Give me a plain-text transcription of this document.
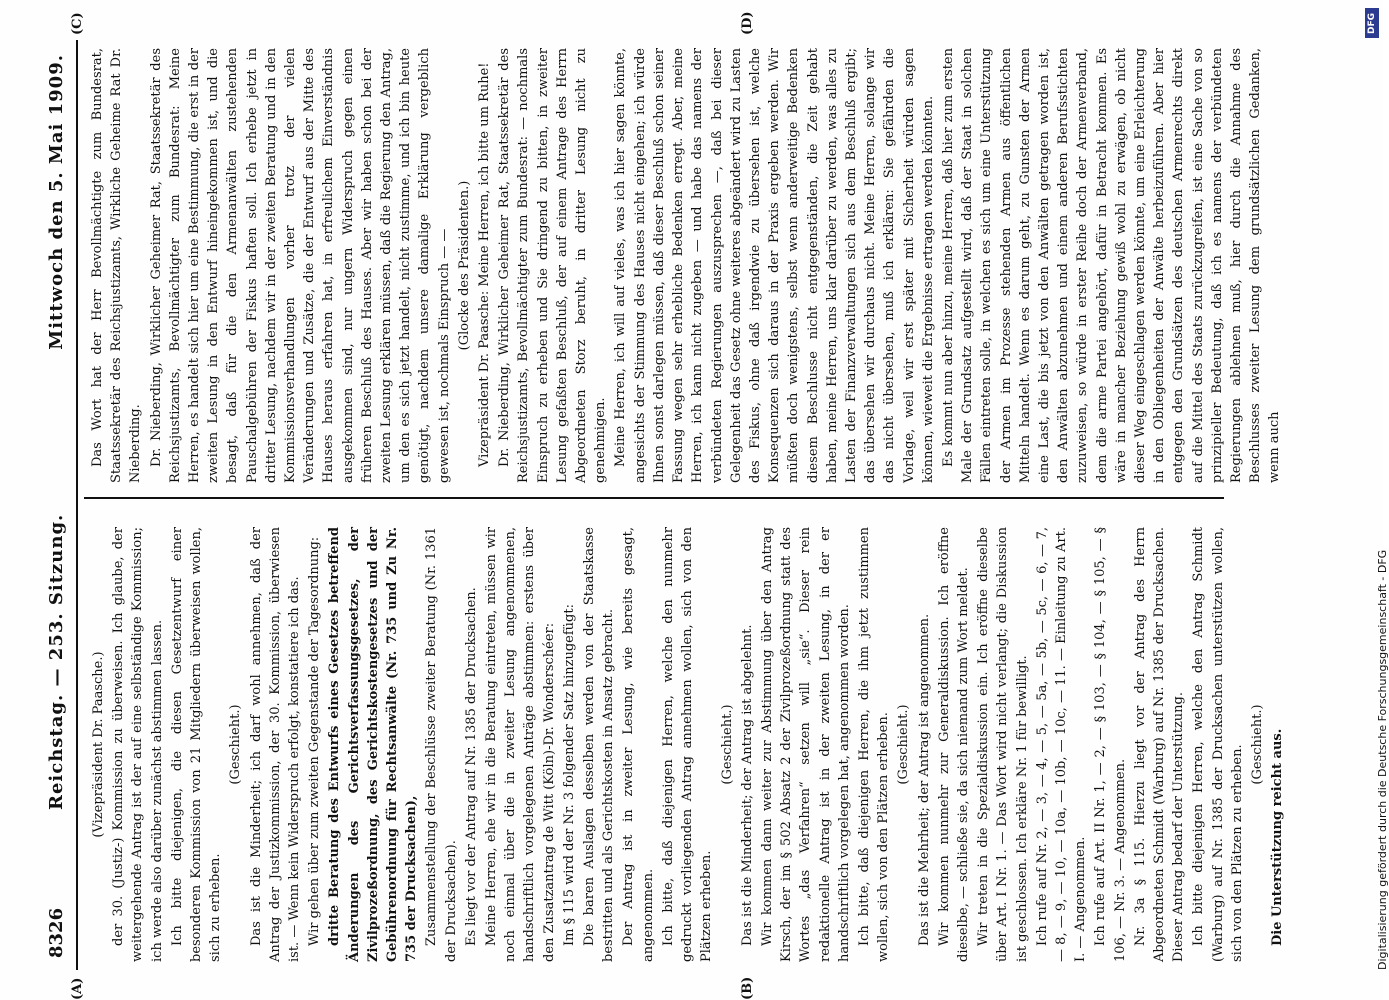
8326
Reichstag. — 253. Sitzung.
Mittwoch den 5. Mai 1909.

(Vizepräsident Dr. Paasche.) der 30. (Justiz-) Kommission zu überweisen. Ich glaube, der weitergehende Antrag ist der auf eine selbständige Kommission; ich werde also darüber zunächst abstimmen lassen. Ich bitte diejenigen, die diesen Gesetzentwurf einer besonderen Kommission von 21 Mitgliedern überweisen wollen, sich zu erheben.

(Geschieht.) Das ist die Minderheit; ich darf wohl annehmen, daß der Antrag der Justizkommission, der 30. Kommission, überwiesen ist. — Wenn kein Widerspruch erfolgt, konstatiere ich das. Wir gehen über zum zweiten Gegenstande der Tagesordnung: dritte Beratung des Entwurfs eines Gesetzes betreffend Änderungen des Gerichtsverfassungsgesetzes, der Zivilprozeßordnung, des Gerichtskostengesetzes und der Gebührenordnung für Rechtsanwälte (Nr. 735 und Zu Nr. 735 der Drucksachen), Zusammenstellung der Beschlüsse zweiter Beratung (Nr. 1361 der Drucksachen). Es liegt vor der Antrag auf Nr. 1385 der Drucksachen. Meine Herren, ehe wir in die Beratung eintreten, müssen wir noch einmal über die in zweiter Lesung angenommenen, handschriftlich vorgelegenen Anträge abstimmen: erstens über den Zusatzantrag de Witt (Köln)-Dr. Wonderschéer: Im § 115 wird der Nr. 3 folgender Satz hinzugefügt: Die baren Auslagen desselben werden von der Staatskasse bestritten und als Gerichtskosten in Ansatz gebracht. Der Antrag ist in zweiter Lesung, wie bereits gesagt, angenommen. Ich bitte, daß diejenigen Herren, welche den nunmehr gedruckt vorliegenden Antrag annehmen wollen, sich von den Plätzen erheben.

(Geschieht.) Das ist die Minderheit; der Antrag ist abgelehnt. Wir kommen dann weiter zur Abstimmung über den Antrag Kirsch, der im § 502 Absatz 2 der Zivilprozeßordnung statt des Wortes „das Verfahren“ setzen will „sie“. Dieser rein redaktionelle Antrag ist in der zweiten Lesung, in der er handschriftlich vorgelegen hat, angenommen worden. Ich bitte, daß diejenigen Herren, die ihm jetzt zustimmen wollen, sich von den Plätzen erheben. (Geschieht.) Das ist die Mehrheit; der Antrag ist angenommen. Wir kommen nunmehr zur Generaldiskussion. Ich eröffne dieselbe, — schließe sie, da sich niemand zum Wort meldet. Wir treten in die Spezialdiskussion ein. Ich eröffne dieselbe über Art. I Nr. 1. — Das Wort wird nicht verlangt; die Diskussion ist geschlossen. Ich erkläre Nr. 1 für bewilligt. Ich rufe auf Nr. 2, — 3, — 4, — 5, — 5a, — 5b, — 5c, — 6, — 7, — 8, — 9, — 10, — 10a, — 10b, — 10c, — 11. — Einleitung zu Art. I. — Angenommen. Ich rufe auf Art. II Nr. 1, — 2, — § 103, — § 104, — § 105, — § 106, — Nr. 3. — Angenommen. Nr. 3a § 115. Hierzu liegt vor der Antrag des Herrn Abgeordneten Schmidt (Warburg) auf Nr. 1385 der Drucksachen. Dieser Antrag bedarf der Unterstützung. Ich bitte diejenigen Herren, welche den Antrag Schmidt (Warburg) auf Nr. 1385 der Drucksachen unterstützen wollen, sich von den Plätzen zu erheben. (Geschieht.) Die Unterstützung reicht aus.

Das Wort hat der Herr Bevollmächtigte zum Bundesrat, Staatssekretär des Reichsjustizamts, Wirkliche Geheime Rat Dr. Nieberding. Dr. Nieberding, Wirklicher Geheimer Rat, Staatssekretär des Reichsjustizamts, Bevollmächtigter zum Bundesrat: Meine Herren, es handelt sich hier um eine Bestimmung, die erst in der zweiten Lesung in den Entwurf hineingekommen ist, und die besagt, daß für die den Armenanwälten zustehenden Pauschalgebühren der Fiskus haften soll. Ich erhebe jetzt in dritter Lesung, nachdem wir in der zweiten Beratung und in den Kommissionsverhandlungen vorher trotz der vielen Veränderungen und Zusätze, die der Entwurf aus der Mitte des Hauses heraus erfahren hat, in erfreulichem Einverständnis ausgekommen sind, nur ungern Widerspruch gegen einen früheren Beschluß des Hauses. Aber wir haben schon bei der zweiten Lesung erklären müssen, daß die Regierung den Antrag, um den es sich jetzt handelt, nicht zustimme, und ich bin heute genötigt, nachdem unsere damalige Erklärung vergeblich gewesen ist, nochmals Einspruch — — (Glocke des Präsidenten.) Vizepräsident Dr. Paasche: Meine Herren, ich bitte um Ruhe! Dr. Nieberding, Wirklicher Geheimer Rat, Staatssekretär des Reichsjustizamts, Bevollmächtigter zum Bundesrat: — nochmals Einspruch zu erheben und Sie dringend zu bitten, in zweiter Lesung gefaßten Beschluß, der auf einem Antrage des Herrn Abgeordneten Storz beruht, in dritter Lesung nicht zu genehmigen. Meine Herren, ich will auf vieles, was ich hier sagen könnte, angesichts der Stimmung des Hauses nicht eingehen; ich würde Ihnen sonst darlegen müssen, daß dieser Beschluß schon seiner Fassung wegen sehr erhebliche Bedenken erregt. Aber, meine Herren, ich kann nicht zugeben — und habe das namens der verbündeten Regierungen auszusprechen —, daß bei dieser Gelegenheit das Gesetz ohne weiteres abgeändert wird zu Lasten des Fiskus, ohne daß irgendwie zu übersehen ist, welche Konsequenzen sich daraus in der Praxis ergeben werden. Wir müßten doch wenigstens, selbst wenn anderweitige Bedenken diesem Beschlusse nicht entgegenständen, die Zeit gehabt haben, meine Herren, uns klar darüber zu werden, was alles zu Lasten der Finanzverwaltungen sich aus dem Beschluß ergibt; das übersehen wir durchaus nicht. Meine Herren, solange wir das nicht übersehen, muß ich erklären: Sie gefährden die Vorlage, weil wir erst später mit Sicherheit würden sagen können, wieweit die Ergebnisse ertragen werden könnten. Es kommt nun aber hinzu, meine Herren, daß hier zum ersten Male der Grundsatz aufgestellt wird, daß der Staat in solchen Fällen eintreten solle, in welchen es sich um eine Unterstützung der Armen im Prozesse stehenden Armen aus öffentlichen Mitteln handelt. Wenn es darum geht, zu Gunsten der Armen eine Last, die bis jetzt von den Anwälten getragen worden ist, den Anwälten abzunehmen und einem anderen Berufsstichten zuzuweisen, so würde in erster Reihe doch der Armenverband, dem die arme Partei angehört, dafür in Betracht kommen. Es wäre in mancher Beziehung gewiß wohl zu erwägen, ob nicht dieser Weg eingeschlagen werden könnte, um eine Erleichterung in den Obliegenheiten der Anwälte herbeizuführen. Aber hier entgegen den Grundsätzen des deutschen Armenrechts direkt auf die Mittel des Staats zurückzugreifen, ist eine Sache von so prinzipieller Bedeutung, daß ich es namens der verbündeten Regierungen ablehnen muß, hier durch die Annahme des Beschlusses zweiter Lesung dem grundsätzlichen Gedanken, wenn auch

(A)	(B)
(C)	(D)
Digitalisierung gefördert durch die Deutsche Forschungsgemeinschaft - DFG
DFG
